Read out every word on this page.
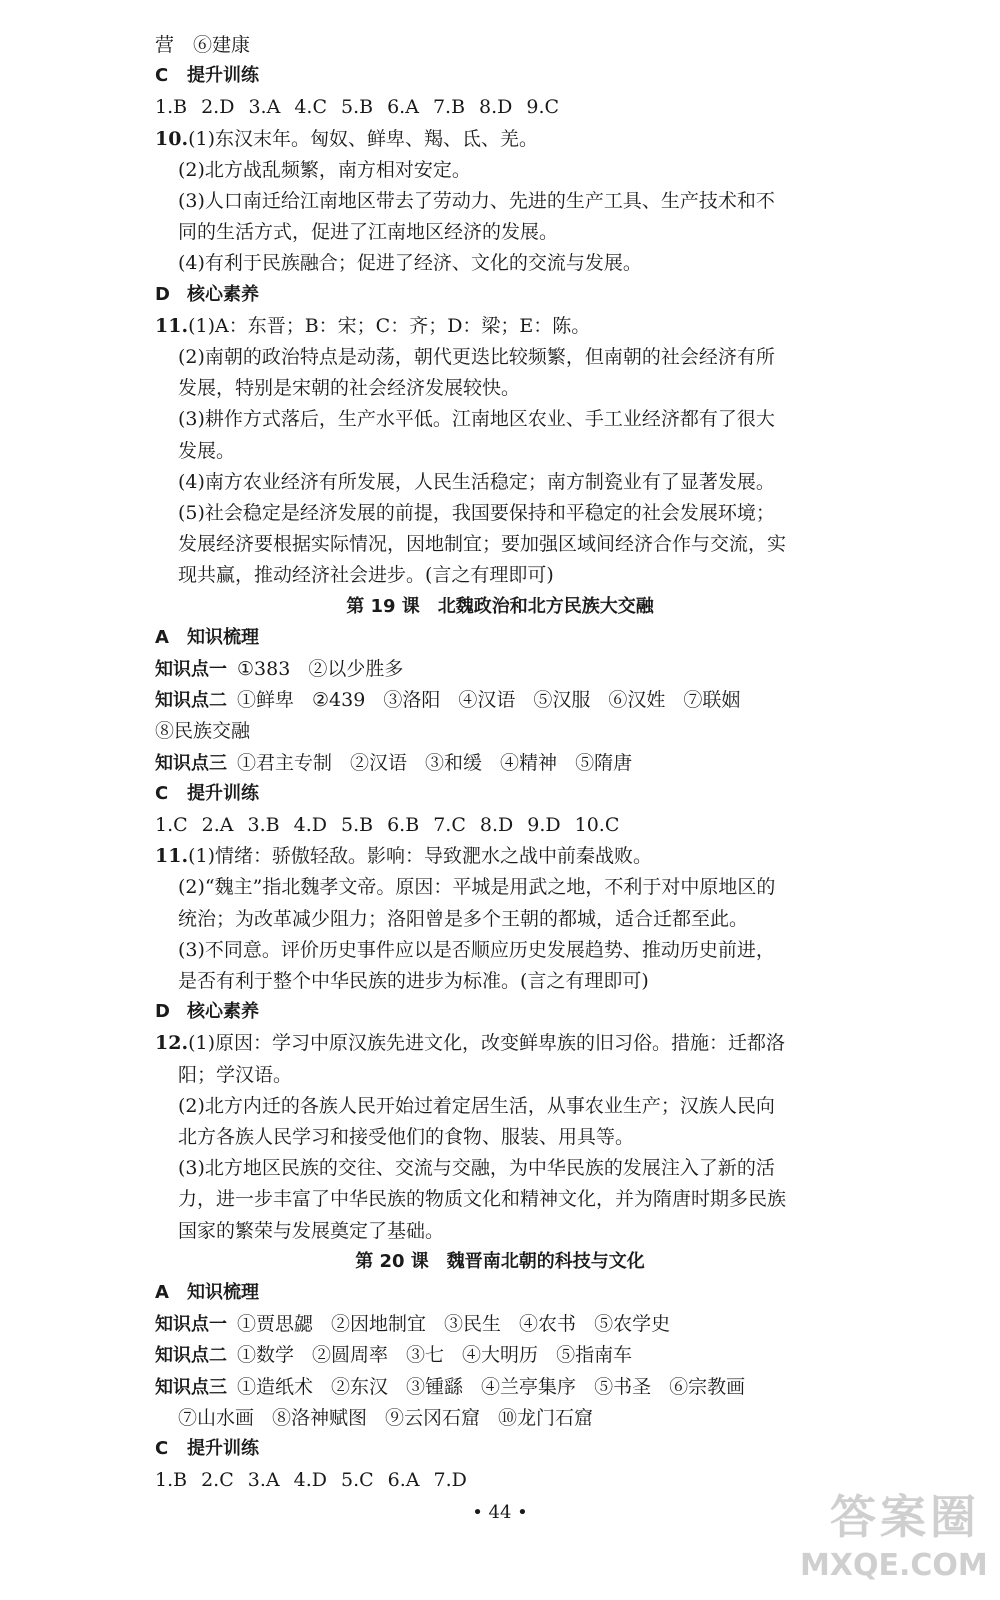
营　⑥建康
C 提升训练
1.B 2.D 3.A 4.C 5.B 6.A 7.B 8.D 9.C
10.(1)东汉末年。匈奴、鲜卑、羯、氐、羌。
(2)北方战乱频繁，南方相对安定。
(3)人口南迁给江南地区带去了劳动力、先进的生产工具、生产技术和不
同的生活方式，促进了江南地区经济的发展。
(4)有利于民族融合；促进了经济、文化的交流与发展。
D 核心素养
11.(1)A：东晋；B：宋；C：齐；D：梁；E：陈。
(2)南朝的政治特点是动荡，朝代更迭比较频繁，但南朝的社会经济有所
发展，特别是宋朝的社会经济发展较快。
(3)耕作方式落后，生产水平低。江南地区农业、手工业经济都有了很大
发展。
(4)南方农业经济有所发展，人民生活稳定；南方制瓷业有了显著发展。
(5)社会稳定是经济发展的前提，我国要保持和平稳定的社会发展环境；
发展经济要根据实际情况，因地制宜；要加强区域间经济合作与交流，实
现共赢，推动经济社会进步。(言之有理即可)
第 19 课　北魏政治和北方民族大交融
A 知识梳理
知识点一 ①383 ②以少胜多
知识点二 ①鲜卑 ②439 ③洛阳 ④汉语 ⑤汉服 ⑥汉姓 ⑦联姻
⑧民族交融
知识点三 ①君主专制 ②汉语 ③和缓 ④精神 ⑤隋唐
C 提升训练
1.C 2.A 3.B 4.D 5.B 6.B 7.C 8.D 9.D 10.C
11.(1)情绪：骄傲轻敌。影响：导致淝水之战中前秦战败。
(2)“魏主”指北魏孝文帝。原因：平城是用武之地，不利于对中原地区的
统治；为改革减少阻力；洛阳曾是多个王朝的都城，适合迁都至此。
(3)不同意。评价历史事件应以是否顺应历史发展趋势、推动历史前进，
是否有利于整个中华民族的进步为标准。(言之有理即可)
D 核心素养
12.(1)原因：学习中原汉族先进文化，改变鲜卑族的旧习俗。措施：迁都洛
阳；学汉语。
(2)北方内迁的各族人民开始过着定居生活，从事农业生产；汉族人民向
北方各族人民学习和接受他们的食物、服装、用具等。
(3)北方地区民族的交往、交流与交融，为中华民族的发展注入了新的活
力，进一步丰富了中华民族的物质文化和精神文化，并为隋唐时期多民族
国家的繁荣与发展奠定了基础。
第 20 课　魏晋南北朝的科技与文化
A 知识梳理
知识点一 ①贾思勰 ②因地制宜 ③民生 ④农书 ⑤农学史
知识点二 ①数学 ②圆周率 ③七 ④大明历 ⑤指南车
知识点三 ①造纸术 ②东汉 ③锺繇 ④兰亭集序 ⑤书圣 ⑥宗教画
⑦山水画 ⑧洛神赋图 ⑨云冈石窟 ⑩龙门石窟
C 提升训练
1.B 2.C 3.A 4.D 5.C 6.A 7.D
• 44 •	答案圈
MXQE.COM
